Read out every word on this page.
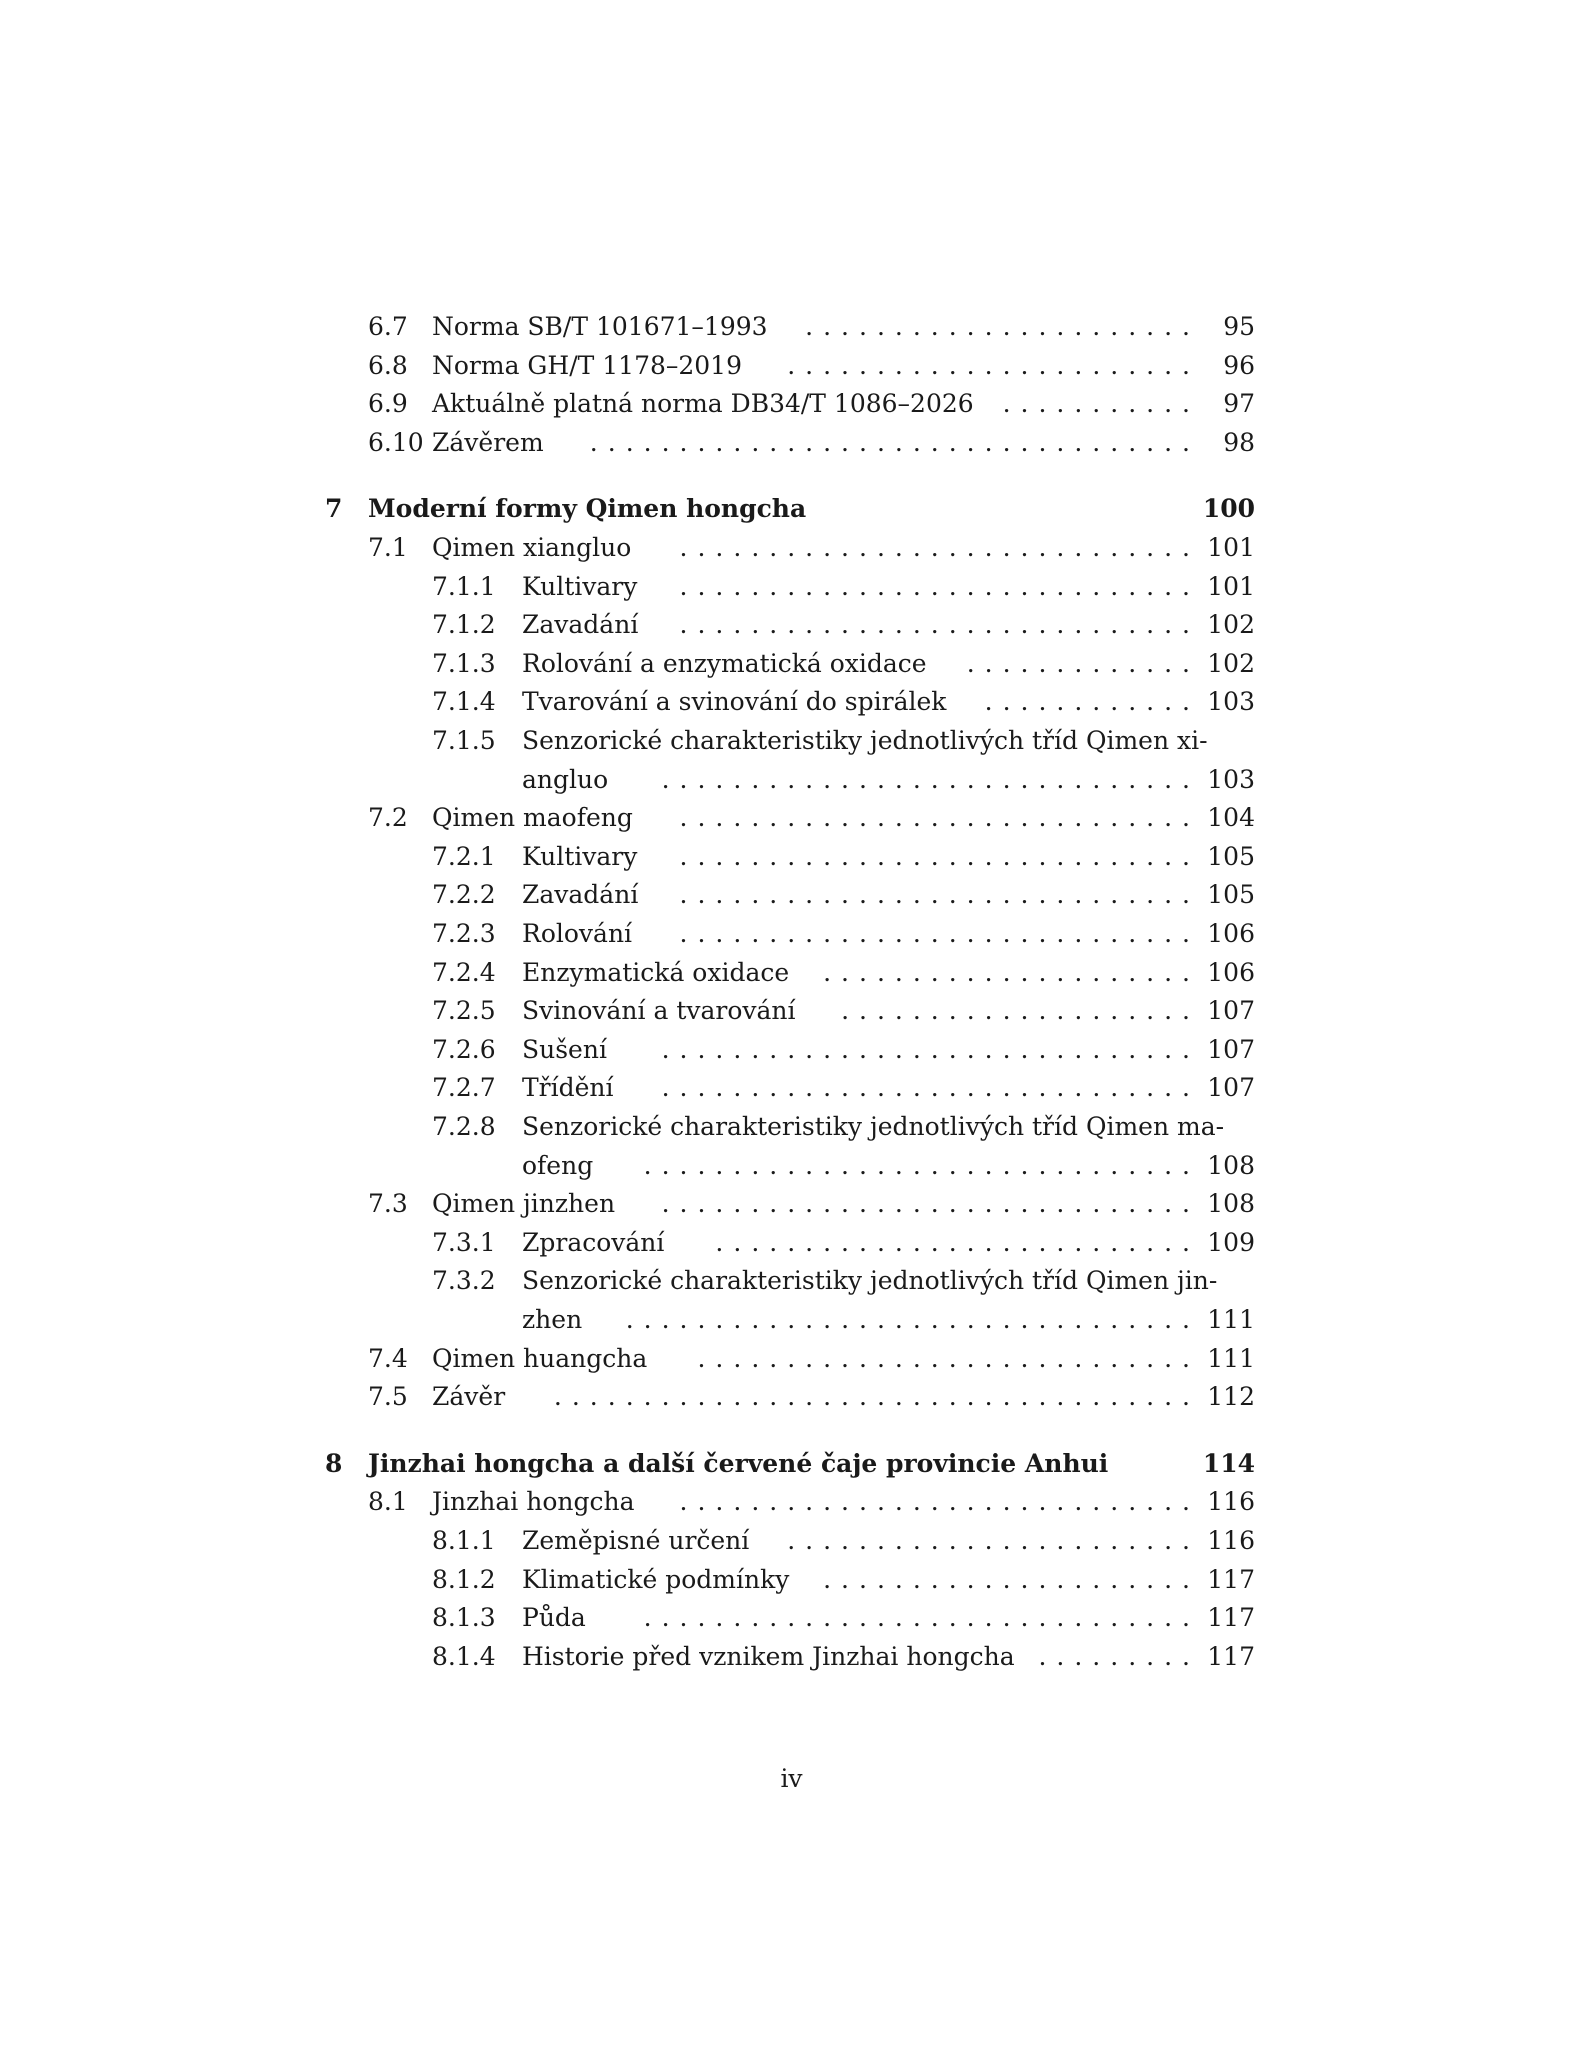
6.7 Norma SB/T 101671–1993	...................... 95
6.8 Norma GH/T 1178–2019	....................... 96
6.9 Aktuálně platná norma DB34/T 1086–2026	........... 97
6.10 Závěrem	.................................. 98
7 Moderní formy Qimen hongcha	100
7.1 Qimen xiangluo	............................. 101
7.1.1 Kultivary	............................. 101
7.1.2 Zavadání	............................. 102
7.1.3 Rolování a enzymatická oxidace	............. 102
7.1.4 Tvarování a svinování do spirálek	............ 103
7.1.5 Senzorické charakteristiky jednotlivých tříd Qimen xi-
angluo	.............................. 103
7.2 Qimen maofeng	............................. 104
7.2.1 Kultivary	............................. 105
7.2.2 Zavadání	............................. 105
7.2.3 Rolování	............................. 106
7.2.4 Enzymatická oxidace	..................... 106
7.2.5 Svinování a tvarování	.................... 107
7.2.6 Sušení	.............................. 107
7.2.7 Třídění	.............................. 107
7.2.8 Senzorické charakteristiky jednotlivých tříd Qimen ma-
ofeng	............................... 108
7.3 Qimen jinzhen	.............................. 108
7.3.1 Zpracování	........................... 109
7.3.2 Senzorické charakteristiky jednotlivých tříd Qimen jin-
zhen	................................ 111
7.4 Qimen huangcha	............................ 111
7.5 Závěr	.................................... 112
8 Jinzhai hongcha a další červené čaje provincie Anhui	114
8.1 Jinzhai hongcha	............................. 116
8.1.1 Zeměpisné určení	....................... 116
8.1.2 Klimatické podmínky	..................... 117
8.1.3 Půda	............................... 117
8.1.4 Historie před vznikem Jinzhai hongcha ......... 117
iv
